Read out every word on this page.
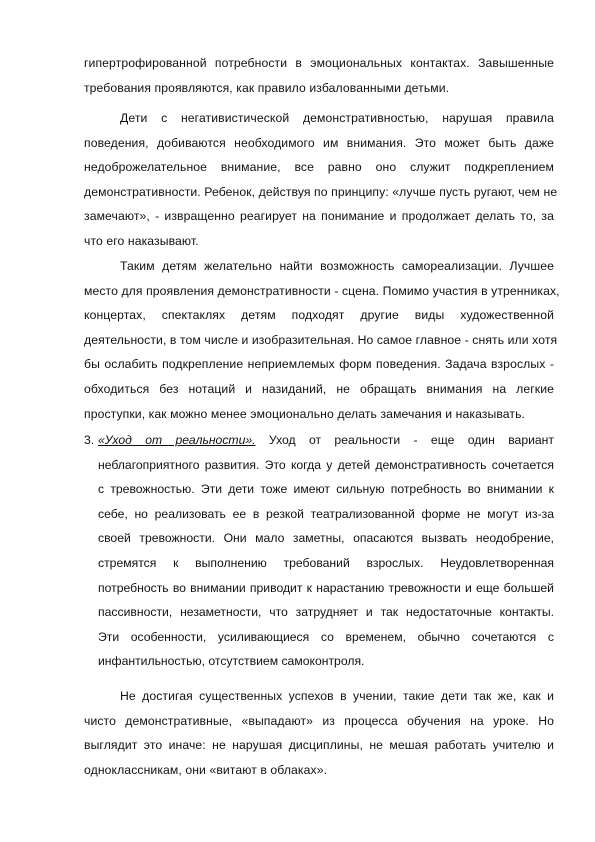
гипертрофированной потребности в эмоциональных контактах. Завышенные
требования проявляются, как правило избалованными детьми.
Дети с негативистической демонстративностью, нарушая правила
поведения, добиваются необходимого им внимания. Это может быть даже
недоброжелательное внимание, все равно оно служит подкреплением
демонстративности. Ребенок, действуя по принципу: «лучше пусть ругают, чем не
замечают», - извращенно реагирует на понимание и продолжает делать то, за
что его наказывают.
Таким детям желательно найти возможность самореализации. Лучшее
место для проявления демонстративности - сцена. Помимо участия в утренниках,
концертах, спектаклях детям подходят другие виды художественной
деятельности, в том числе и изобразительная. Но самое главное - снять или хотя
бы ослабить подкрепление неприемлемых форм поведения. Задача взрослых -
обходиться без нотаций и назиданий, не обращать внимания на легкие
проступки, как можно менее эмоционально делать замечания и наказывать.
3. «Уход от реальности». Уход от реальности - еще один вариант
неблагоприятного развития. Это когда у детей демонстративность сочетается
с тревожностью. Эти дети тоже имеют сильную потребность во внимании к
себе, но реализовать ее в резкой театрализованной форме не могут из-за
своей тревожности. Они мало заметны, опасаются вызвать неодобрение,
стремятся к выполнению требований взрослых. Неудовлетворенная
потребность во внимании приводит к нарастанию тревожности и еще большей
пассивности, незаметности, что затрудняет и так недостаточные контакты.
Эти особенности, усиливающиеся со временем, обычно сочетаются с
инфантильностью, отсутствием самоконтроля.
Не достигая существенных успехов в учении, такие дети так же, как и
чисто демонстративные, «выпадают» из процесса обучения на уроке. Но
выглядит это иначе: не нарушая дисциплины, не мешая работать учителю и
одноклассникам, они «витают в облаках».
